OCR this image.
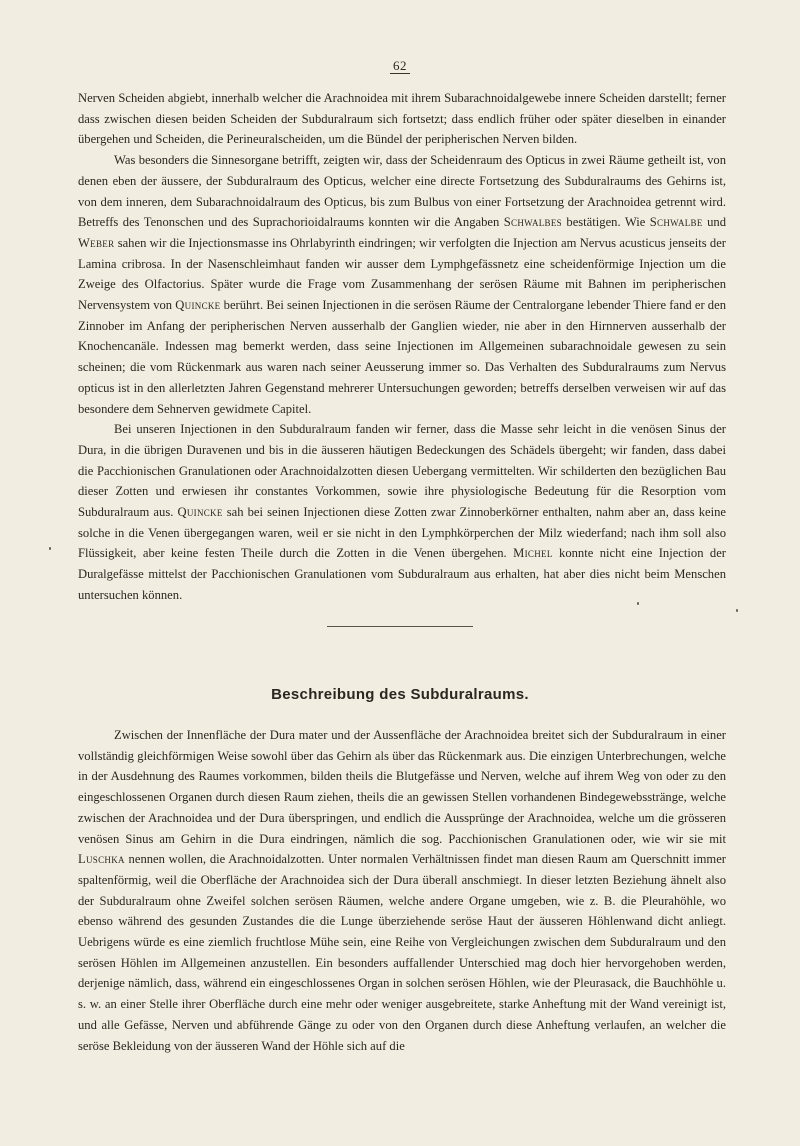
62

Nerven Scheiden abgiebt, innerhalb welcher die Arachnoidea mit ihrem Subarachnoidalgewebe innere Scheiden darstellt; ferner dass zwischen diesen beiden Scheiden der Subduralraum sich fortsetzt; dass endlich früher oder später dieselben in einander übergehen und Scheiden, die Perineuralscheiden, um die Bündel der peripherischen Nerven bilden.

Was besonders die Sinnesorgane betrifft, zeigten wir, dass der Scheidenraum des Opticus in zwei Räume getheilt ist, von denen eben der äussere, der Subduralraum des Opticus, welcher eine directe Fortsetzung des Subduralraums des Gehirns ist, von dem inneren, dem Subarachnoidalraum des Opticus, bis zum Bulbus von einer Fortsetzung der Arachnoidea getrennt wird. Betreffs des Tenonschen und des Suprachorioidalraums konnten wir die Angaben Schwalbes bestätigen. Wie Schwalbe und Weber sahen wir die Injectionsmasse ins Ohrlabyrinth eindringen; wir verfolgten die Injection am Nervus acusticus jenseits der Lamina cribrosa. In der Nasenschleimhaut fanden wir ausser dem Lymphgefässnetz eine scheidenförmige Injection um die Zweige des Olfactorius. Später wurde die Frage vom Zusammenhang der serösen Räume mit Bahnen im peripherischen Nervensystem von Quincke berührt. Bei seinen Injectionen in die serösen Räume der Centralorgane lebender Thiere fand er den Zinnober im Anfang der peripherischen Nerven ausserhalb der Ganglien wieder, nie aber in den Hirnnerven ausserhalb der Knochencanäle. Indessen mag bemerkt werden, dass seine Injectionen im Allgemeinen subarachnoidale gewesen zu sein scheinen; die vom Rückenmark aus waren nach seiner Aeusserung immer so. Das Verhalten des Subduralraums zum Nervus opticus ist in den allerletzten Jahren Gegenstand mehrerer Untersuchungen geworden; betreffs derselben verweisen wir auf das besondere dem Sehnerven gewidmete Capitel.

Bei unseren Injectionen in den Subduralraum fanden wir ferner, dass die Masse sehr leicht in die venösen Sinus der Dura, in die übrigen Duravenen und bis in die äusseren häutigen Bedeckungen des Schädels übergeht; wir fanden, dass dabei die Pacchionischen Granulationen oder Arachnoidalzotten diesen Uebergang vermittelten. Wir schilderten den bezüglichen Bau dieser Zotten und erwiesen ihr constantes Vorkommen, sowie ihre physiologische Bedeutung für die Resorption vom Subduralraum aus. Quincke sah bei seinen Injectionen diese Zotten zwar Zinnoberkörner enthalten, nahm aber an, dass keine solche in die Venen übergegangen waren, weil er sie nicht in den Lymphkörperchen der Milz wiederfand; nach ihm soll also Flüssigkeit, aber keine festen Theile durch die Zotten in die Venen übergehen. Michel konnte nicht eine Injection der Duralgefässe mittelst der Pacchionischen Granulationen vom Subduralraum aus erhalten, hat aber dies nicht beim Menschen untersuchen können.

Beschreibung des Subduralraums.

Zwischen der Innenfläche der Dura mater und der Aussenfläche der Arachnoidea breitet sich der Subduralraum in einer vollständig gleichförmigen Weise sowohl über das Gehirn als über das Rückenmark aus. Die einzigen Unterbrechungen, welche in der Ausdehnung des Raumes vorkommen, bilden theils die Blutgefässe und Nerven, welche auf ihrem Weg von oder zu den eingeschlossenen Organen durch diesen Raum ziehen, theils die an gewissen Stellen vorhandenen Bindegewebsstränge, welche zwischen der Arachnoidea und der Dura überspringen, und endlich die Aussprünge der Arachnoidea, welche um die grösseren venösen Sinus am Gehirn in die Dura eindringen, nämlich die sog. Pacchionischen Granulationen oder, wie wir sie mit Luschka nennen wollen, die Arachnoidalzotten. Unter normalen Verhältnissen findet man diesen Raum am Querschnitt immer spaltenförmig, weil die Oberfläche der Arachnoidea sich der Dura überall anschmiegt. In dieser letzten Beziehung ähnelt also der Subduralraum ohne Zweifel solchen serösen Räumen, welche andere Organe umgeben, wie z. B. die Pleurahöhle, wo ebenso während des gesunden Zustandes die die Lunge überziehende seröse Haut der äusseren Höhlenwand dicht anliegt. Uebrigens würde es eine ziemlich fruchtlose Mühe sein, eine Reihe von Vergleichungen zwischen dem Subduralraum und den serösen Höhlen im Allgemeinen anzustellen. Ein besonders auffallender Unterschied mag doch hier hervorgehoben werden, derjenige nämlich, dass, während ein eingeschlossenes Organ in solchen serösen Höhlen, wie der Pleurasack, die Bauchhöhle u. s. w. an einer Stelle ihrer Oberfläche durch eine mehr oder weniger ausgebreitete, starke Anheftung mit der Wand vereinigt ist, und alle Gefässe, Nerven und abführende Gänge zu oder von den Organen durch diese Anheftung verlaufen, an welcher die seröse Bekleidung von der äusseren Wand der Höhle sich auf die
